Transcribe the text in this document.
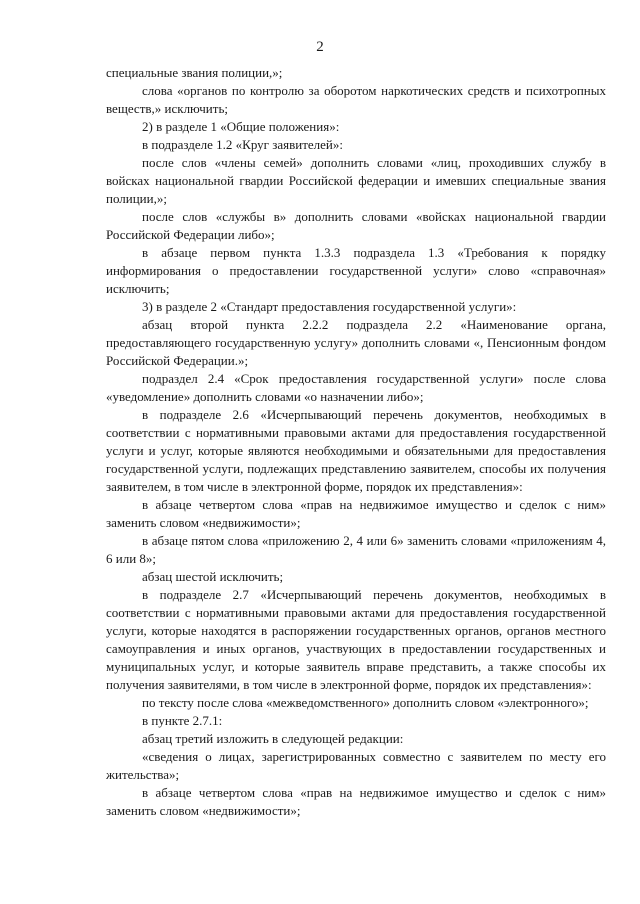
2

специальные звания полиции,»;

слова «органов по контролю за оборотом наркотических средств и психотропных веществ,» исключить;

2) в разделе 1 «Общие положения»:

в подразделе 1.2 «Круг заявителей»:

после слов «члены семей» дополнить словами «лиц, проходивших службу в войсках национальной гвардии Российской федерации и имевших специальные звания полиции,»;

после слов «службы в» дополнить словами «войсках национальной гвардии Российской Федерации либо»;

в абзаце первом пункта 1.3.3 подраздела 1.3 «Требования к порядку информирования о предоставлении государственной услуги» слово «справочная» исключить;

3) в разделе 2 «Стандарт предоставления государственной услуги»:

абзац второй пункта 2.2.2 подраздела 2.2 «Наименование органа, предоставляющего государственную услугу» дополнить словами «, Пенсионным фондом Российской Федерации.»;

подраздел 2.4 «Срок предоставления государственной услуги» после слова «уведомление» дополнить словами «о назначении либо»;

в подразделе 2.6 «Исчерпывающий перечень документов, необходимых в соответствии с нормативными правовыми актами для предоставления государственной услуги и услуг, которые являются необходимыми и обязательными для предоставления государственной услуги, подлежащих представлению заявителем, способы их получения заявителем, в том числе в электронной форме, порядок их представления»:

в абзаце четвертом слова «прав на недвижимое имущество и сделок с ним» заменить словом «недвижимости»;

в абзаце пятом слова «приложению 2, 4 или 6» заменить словами «приложениям 4, 6 или 8»;

абзац шестой исключить;

в подразделе 2.7 «Исчерпывающий перечень документов, необходимых в соответствии с нормативными правовыми актами для предоставления государственной услуги, которые находятся в распоряжении государственных органов, органов местного самоуправления и иных органов, участвующих в предоставлении государственных и муниципальных услуг, и которые заявитель вправе представить, а также способы их получения заявителями, в том числе в электронной форме, порядок их представления»:

по тексту после слова «межведомственного» дополнить словом «электронного»;

в пункте 2.7.1:

абзац третий изложить в следующей редакции:

«сведения о лицах, зарегистрированных совместно с заявителем по месту его жительства»;

в абзаце четвертом слова «прав на недвижимое имущество и сделок с ним» заменить словом «недвижимости»;
